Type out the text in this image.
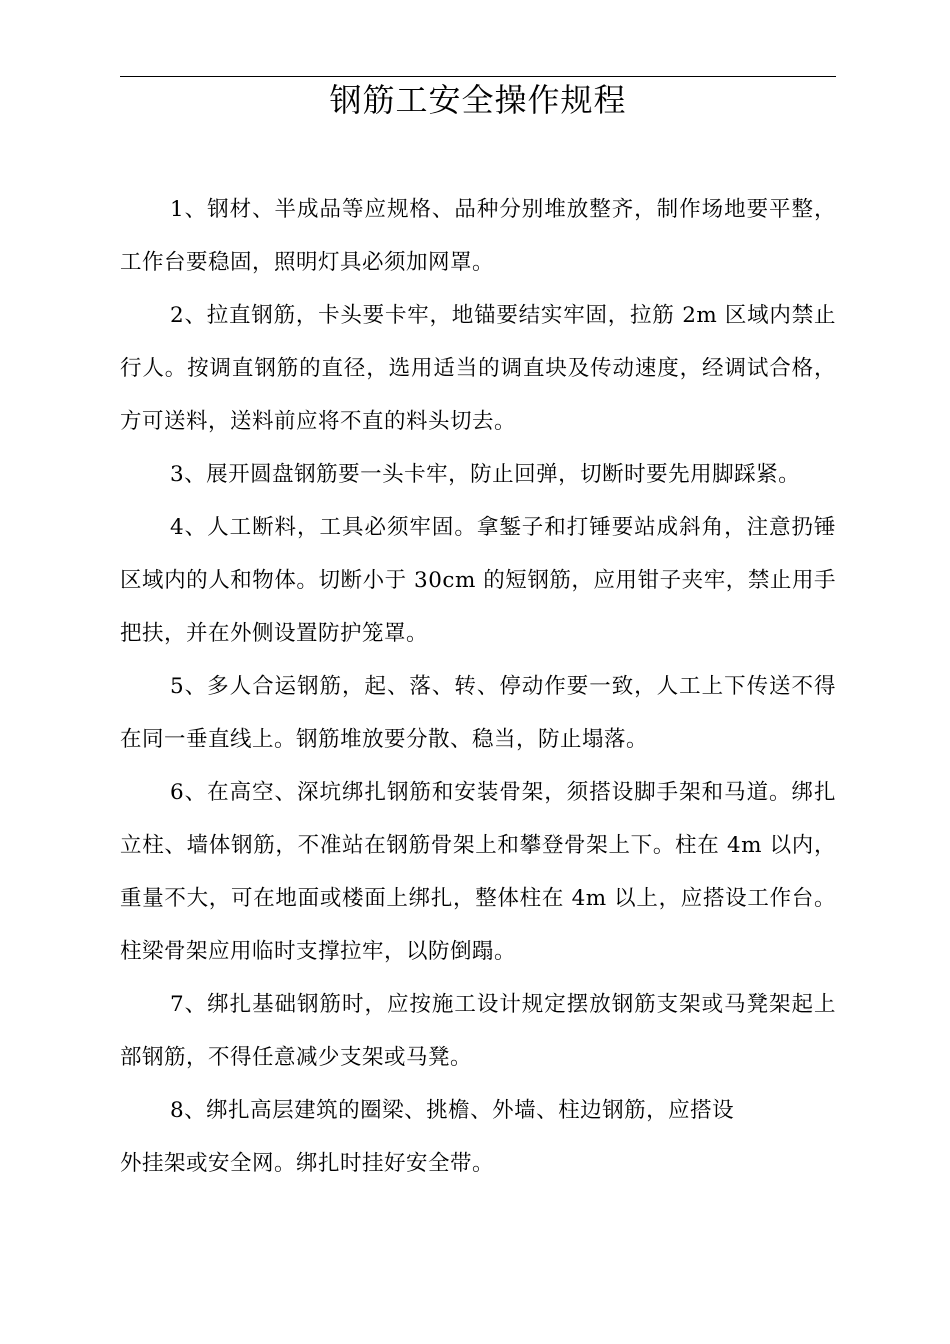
钢筋工安全操作规程

1、钢材、半成品等应规格、品种分别堆放整齐，制作场地要平整，工作台要稳固，照明灯具必须加网罩。

2、拉直钢筋，卡头要卡牢，地锚要结实牢固，拉筋 2m 区域内禁止行人。按调直钢筋的直径，选用适当的调直块及传动速度，经调试合格，方可送料，送料前应将不直的料头切去。

3、展开圆盘钢筋要一头卡牢，防止回弹，切断时要先用脚踩紧。

4、人工断料，工具必须牢固。拿錾子和打锤要站成斜角，注意扔锤区域内的人和物体。切断小于 30cm 的短钢筋，应用钳子夹牢，禁止用手把扶，并在外侧设置防护笼罩。

5、多人合运钢筋，起、落、转、停动作要一致，人工上下传送不得在同一垂直线上。钢筋堆放要分散、稳当，防止塌落。

6、在高空、深坑绑扎钢筋和安装骨架，须搭设脚手架和马道。绑扎立柱、墙体钢筋，不准站在钢筋骨架上和攀登骨架上下。柱在 4m 以内，重量不大，可在地面或楼面上绑扎，整体柱在 4m 以上，应搭设工作台。柱梁骨架应用临时支撑拉牢，以防倒蹋。

7、绑扎基础钢筋时，应按施工设计规定摆放钢筋支架或马凳架起上部钢筋，不得任意减少支架或马凳。

8、绑扎高层建筑的圈梁、挑檐、外墙、柱边钢筋，应搭设
外挂架或安全网。绑扎时挂好安全带。
